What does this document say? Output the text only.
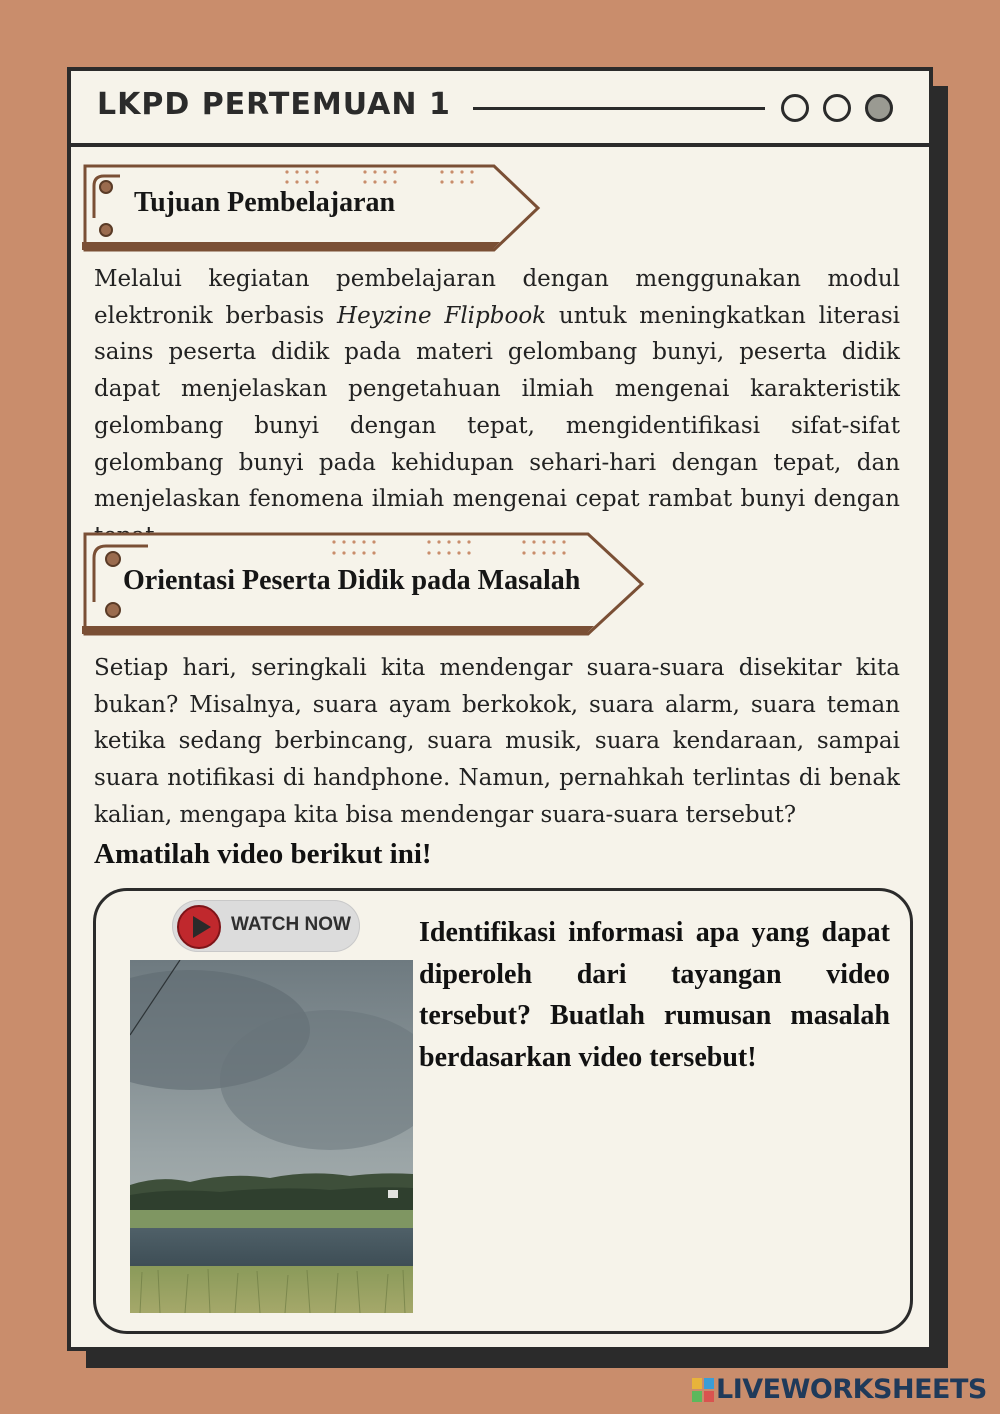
LKPD PERTEMUAN 1
Tujuan Pembelajaran
Melalui kegiatan pembelajaran dengan menggunakan modul elektronik berbasis Heyzine Flipbook untuk meningkatkan literasi sains peserta didik pada materi gelombang bunyi, peserta didik dapat menjelaskan pengetahuan ilmiah mengenai karakteristik gelombang bunyi dengan tepat, mengidentifikasi sifat-sifat gelombang bunyi pada kehidupan sehari-hari dengan tepat, dan menjelaskan fenomena ilmiah mengenai cepat rambat bunyi dengan
Orientasi Peserta Didik pada Masalah
Setiap hari, seringkali kita mendengar suara-suara disekitar kita bukan? Misalnya, suara ayam berkokok, suara alarm, suara teman ketika sedang berbincang, suara musik, suara kendaraan, sampai suara notifikasi di handphone. Namun, pernahkah terlintas di benak kalian, mengapa kita bisa mendengar suara-suara tersebut?
Amatilah video berikut ini!
WATCH NOW Identifikasi informasi apa yang dapat diperoleh dari tayangan video tersebut? Buatlah rumusan masalah berdasarkan video tersebut!
LIVEWORKSHEETS
